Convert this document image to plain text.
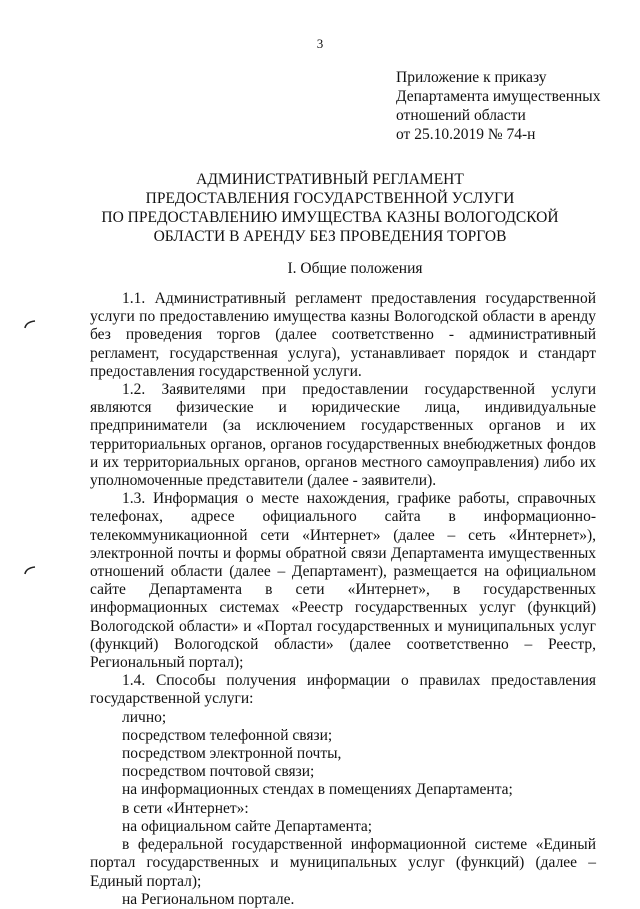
3
Приложение к приказу
Департамента имущественных
отношений области
от 25.10.2019 № 74-н
АДМИНИСТРАТИВНЫЙ РЕГЛАМЕНТ
ПРЕДОСТАВЛЕНИЯ ГОСУДАРСТВЕННОЙ УСЛУГИ
ПО ПРЕДОСТАВЛЕНИЮ ИМУЩЕСТВА КАЗНЫ ВОЛОГОДСКОЙ
ОБЛАСТИ В АРЕНДУ БЕЗ ПРОВЕДЕНИЯ ТОРГОВ
I. Общие положения

1.1. Административный регламент предоставления государственной услуги по предоставлению имущества казны Вологодской области в аренду без проведения торгов (далее соответственно - административный регламент, государственная услуга), устанавливает порядок и стандарт предоставления государственной услуги.

1.2. Заявителями при предоставлении государственной услуги являются физические и юридические лица, индивидуальные предприниматели (за исключением государственных органов и их территориальных органов, органов государственных внебюджетных фондов и их территориальных органов, органов местного самоуправления) либо их уполномоченные представители (далее - заявители).

1.3. Информация о месте нахождения, графике работы, справочных телефонах, адресе официального сайта в информационно-телекоммуникационной сети «Интернет» (далее – сеть «Интернет»), электронной почты и формы обратной связи Департамента имущественных отношений области (далее – Департамент), размещается на официальном сайте Департамента в сети «Интернет», в государственных информационных системах «Реестр государственных услуг (функций) Вологодской области» и «Портал государственных и муниципальных услуг (функций) Вологодской области» (далее соответственно – Реестр, Региональный портал);

1.4. Способы получения информации о правилах предоставления государственной услуги:

лично;

посредством телефонной связи;

посредством электронной почты,

посредством почтовой связи;

на информационных стендах в помещениях Департамента;

в сети «Интернет»:

на официальном сайте Департамента;

в федеральной государственной информационной системе «Единый портал государственных и муниципальных услуг (функций) (далее – Единый портал);

на Региональном портале.
